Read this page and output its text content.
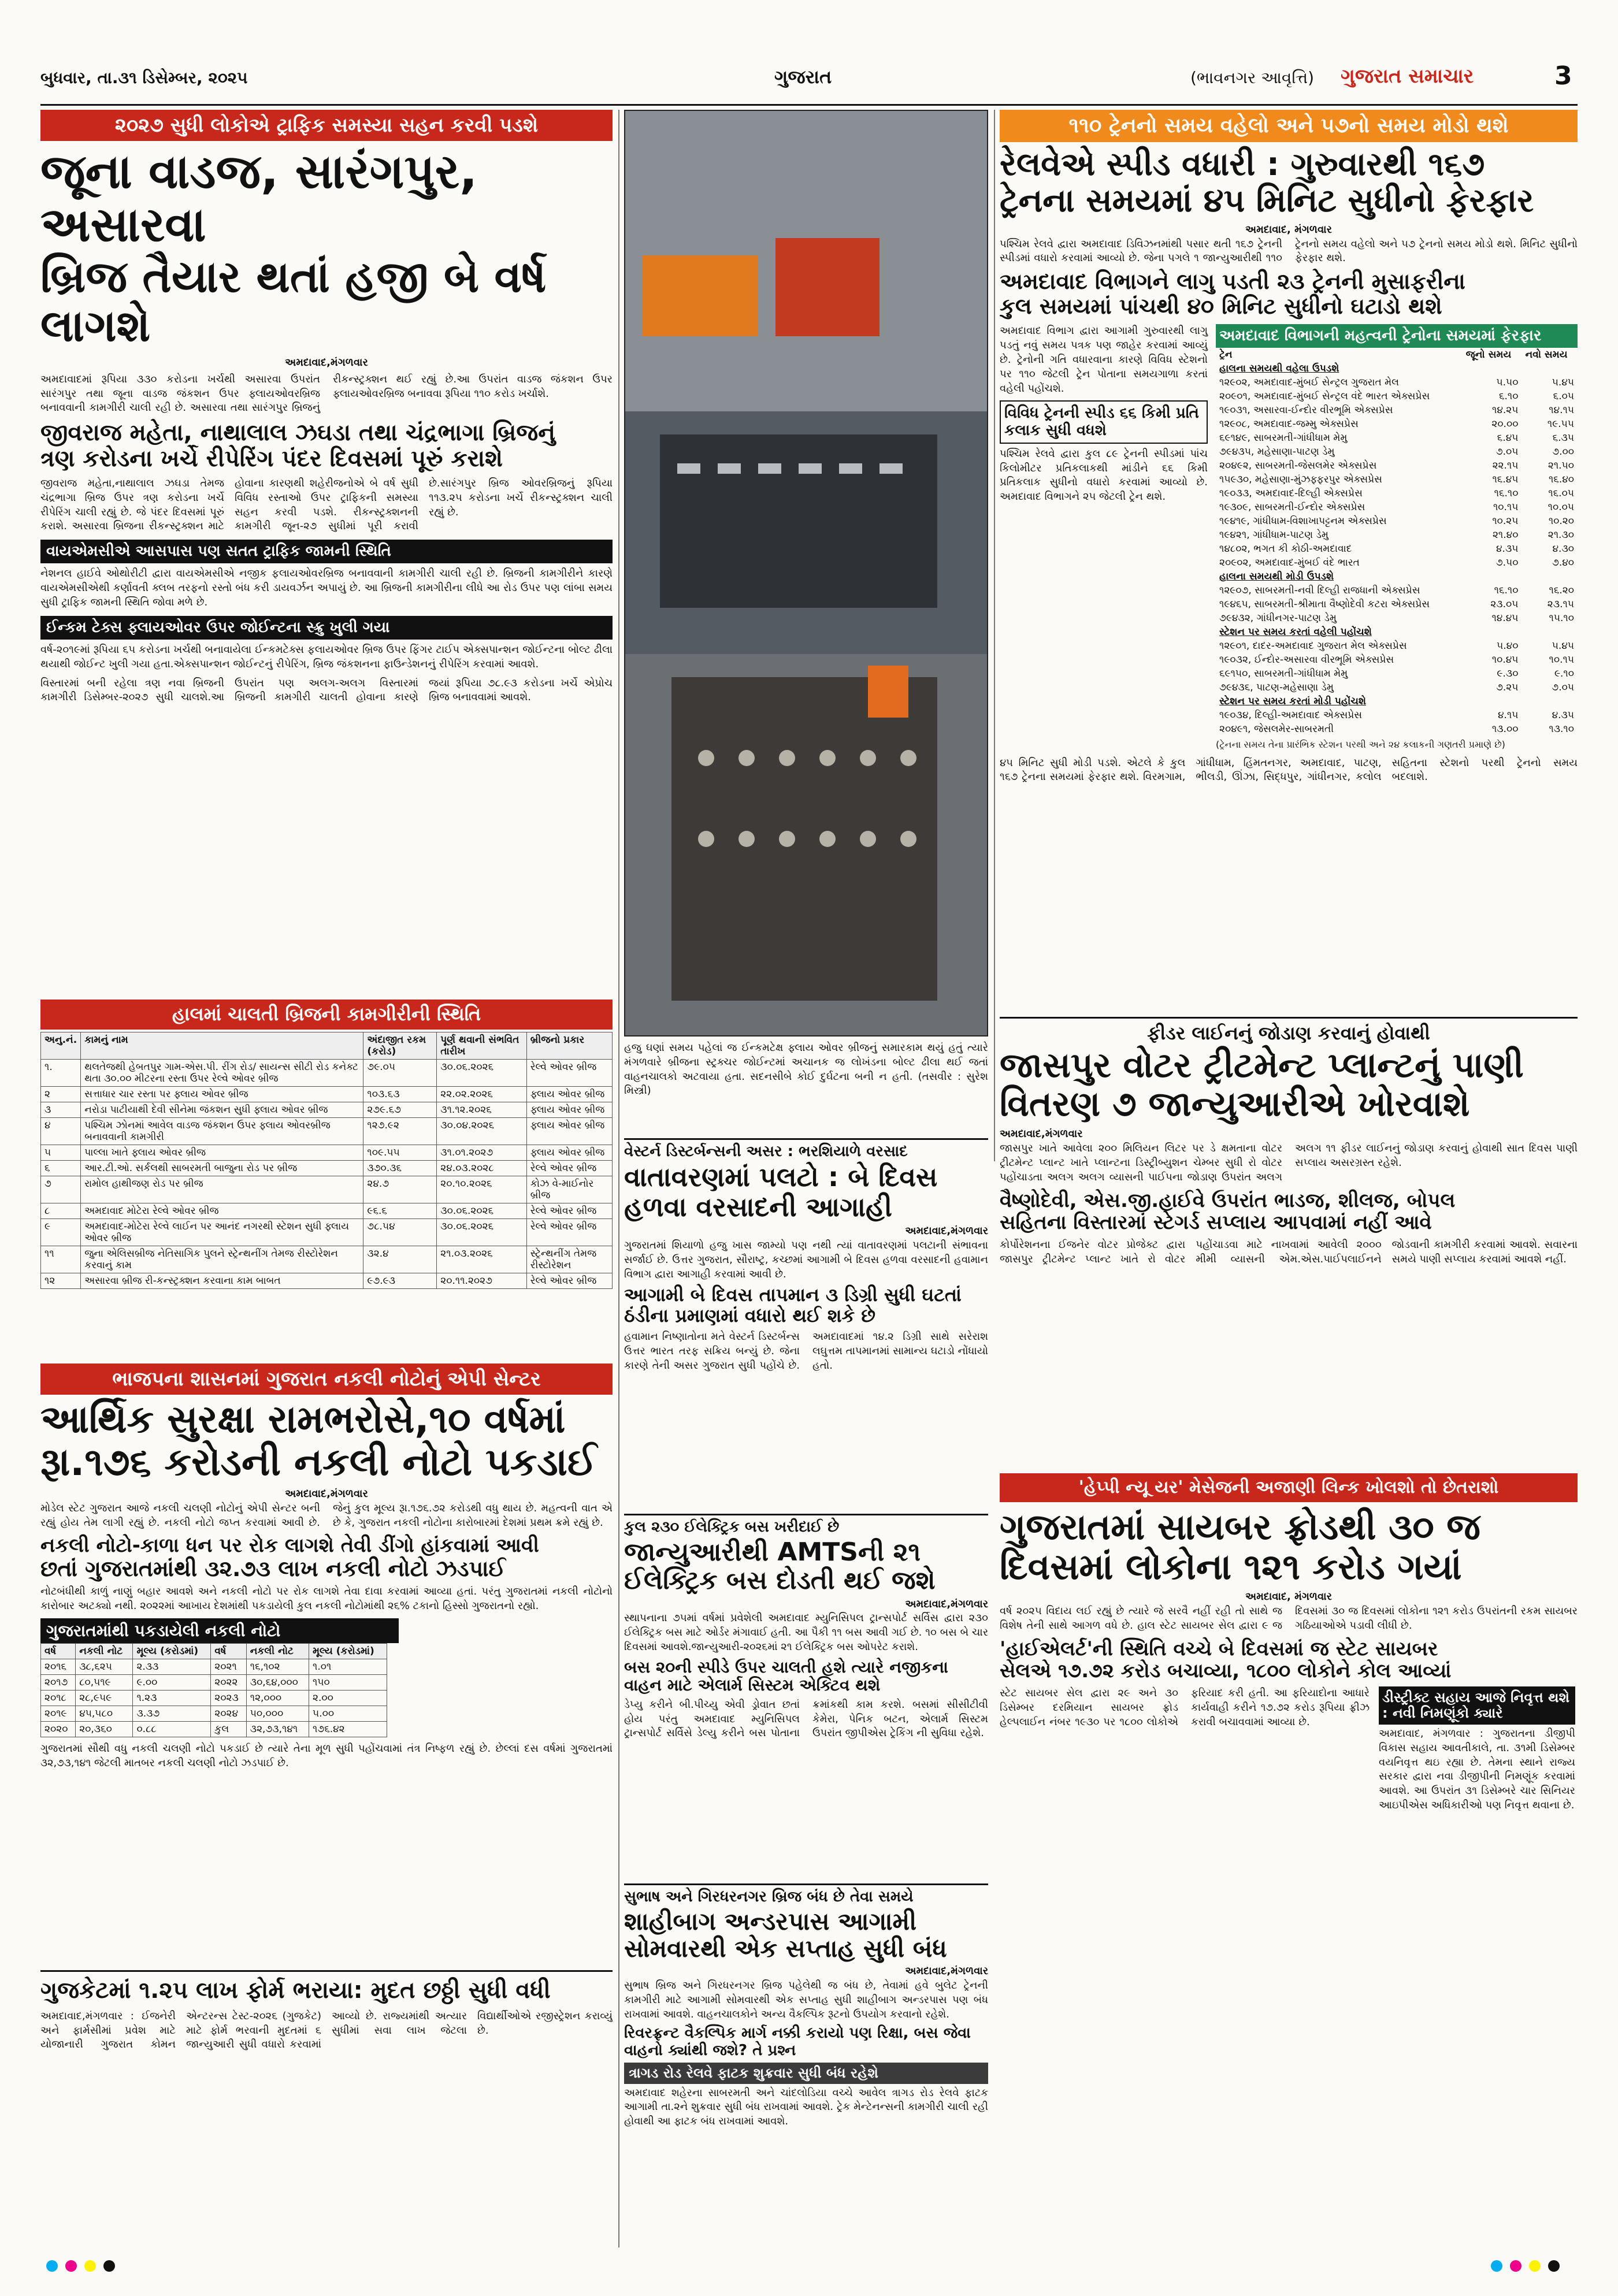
બુધવાર, તા.૩૧ ડિસેમ્બર, ૨૦૨૫	ગુજરાત	(ભાવનગર આવૃત્તિ) ગુજરાત સમાચાર	3
૨૦૨૭ સુધી લોકોએ ટ્રાફિક સમસ્યા સહન કરવી પડશે
જૂના વાડજ, સારંગપુર, અસારવા
બ્રિજ તૈયાર થતાં હજી બે વર્ષ લાગશે
અમદાવાદ,મંગળવાર
અમદાવાદમાં રૂપિયા ૩૩૦ કરોડના ખર્ચથી અસારવા ઉપરાંત સારંગપુર તથા જૂના વાડજ જંકશન ઉપર ફ્લાયઓવરબ્રિજ બનાવવાની કામગીરી ચાલી રહી છે. અસારવા તથા સારંગપુર બ્રિજનું રીકન્સ્ટ્રક્શન થઈ રહ્યું છે.આ ઉપરાંત વાડજ જંકશન ઉપર ફ્લાયઓવરબ્રિજ બનાવવા રૂપિયા ૧૧૦ કરોડ ખર્ચાશે.
જીવરાજ મહેતા, નાથાલાલ ઝઘડા તથા ચંદ્રભાગા બ્રિજનું
ત્રણ કરોડના ખર્ચે રીપેરિંગ પંદર દિવસમાં પૂરું કરાશે
જીવરાજ મહેતા,નાથાલાલ ઝઘડા તેમજ ચંદ્રભાગા બ્રિજ ઉપર ત્રણ કરોડના ખર્ચે રીપેરિંગ ચાલી રહ્યું છે. જે પંદર દિવસમાં પૂરું કરાશે. અસારવા બ્રિજના રીકન્સ્ટ્રક્શન માટે હોવાના કારણથી શહેરીજનોએ બે વર્ષ સુધી વિવિધ રસ્તાઓ ઉપર ટ્રાફિકની સમસ્યા સહન કરવી પડશે. રીકન્સ્ટ્રક્શનની કામગીરી જૂન-૨૭ સુધીમાં પૂરી કરાવી છે.સારંગપુર બ્રિજ ઓવરબ્રિજનું રૂપિયા ૧૧૩.૨૫ કરોડના ખર્ચે રીકન્સ્ટ્રક્શન ચાલી રહ્યું છે.
વાયએમસીએ આસપાસ પણ સતત ટ્રાફિક જામની સ્થિતિ
નેશનલ હાઈવે ઓથોરીટી દ્વારા વાયએમસીએ નજીક ફલાયઓવરબ્રિજ બનાવવાની કામગીરી ચાલી રહી છે. બ્રિજની કામગીરીને કારણે વાયએમસીએથી કર્ણાવતી ક્લબ તરફનો રસ્તો બંધ કરી ડાયવર્ઝન અપાયું છે. આ બ્રિજની કામગીરીના લીધે આ રોડ ઉપર પણ લાંબા સમય સુધી ટ્રાફિક જામની સ્થિતિ જોવા મળે છે.
ઈન્કમ ટેક્સ ફ્લાયઓવર ઉપર જોઈન્ટના સ્ક્રુ ખુલી ગયા
વર્ષ-૨૦૧૯માં રૂપિયા ૬૫ કરોડના ખર્ચથી બનાવાયેલા ઈન્કમટેક્સ ફલાયઓવર બ્રિજ ઉપર ફિંગર ટાઈપ એક્સપાન્શન જોઈન્ટના બોલ્ટ ઢીલા થયાથી જોઈન્ટ ખુલી ગયા હતા.એક્સપાન્શન જોઈન્ટનું રીપેરિંગ, બ્રિજ જંકશનના ફાઉન્ડેશનનું રીપેરિંગ કરવામાં આવશે.
વિસ્તારમાં બની રહેલા ત્રણ નવા બ્રિજની કામગીરી ડિસેમ્બર-૨૦૨૭ સુધી ચાલશે.આ ઉપરાંત પણ અલગ-અલગ વિસ્તારમાં બ્રિજની કામગીરી ચાલતી હોવાના કારણે જયાં રૂપિયા ૭૮.૯૩ કરોડના ખર્ચે એપ્રોચ બ્રિજ બનાવવામાં આવશે.
હાલમાં ચાલતી બ્રિજની કામગીરીની સ્થિતિ
અનુ.નં.	કામનું નામ	અંદાજીત રકમ (કરોડ)	પૂર્ણ થવાની સંભવિત તારીખ	બ્રીજનો પ્રકાર
૧.	થલતેજથી હેબતપુર ગામ-એસ.પી. રીંગ રોડ/ સાયન્સ સીટી રોડ કનેક્ટ થતા ૩૦.૦૦ મીટરના રસ્તા ઉપર રેલ્વે ઓવર બ્રીજ	૭૯.૦૫	૩૦.૦૬.૨૦૨૬	રેલ્વે ઓવર બ્રીજ
૨	સત્તાધાર ચાર રસ્તા પર ફ્લાય ઓવર બ્રીજ	૧૦૩.૬૩	૨૨.૦૨.૨૦૨૬	ફ્લાય ઓવર બ્રીજ
૩	નરોડા પાટીયાથી દેવી સીનેમા જંકશન સુધી ફ્લાય ઓવર બ્રીજ	૨૭૯.૬૭	૩૧.૧૨.૨૦૨૬	ફ્લાય ઓવર બ્રીજ
૪	પશ્ચિમ ઝોનમાં આવેલ વાડજ જંકશન ઉપર ફ્લાય ઓવરબ્રીજ બનાવવાની કામગીરી	૧૨૭.૯૨	૩૦.૦૪.૨૦૨૬	ફ્લાય ઓવર બ્રીજ
૫	પાલ્લા ખાતે ફ્લાય ઓવર બ્રીજ	૧૦૯.૫૫	૩૧.૦૧.૨૦૨૭	ફ્લાય ઓવર બ્રીજ
૬	આર.ટી.ઓ. સર્કલથી સાબરમતી બાજુના રોડ પર બ્રીજ	૩૭૦.૩૬	૨૪.૦૩.૨૦૨૮	રેલ્વે ઓવર બ્રીજ
૭	રામોલ હાથીજણ રોડ પર બ્રીજ	૨૪.૭	૨૦.૧૦.૨૦૨૬	કોઝ વે-માઈનોર બ્રીજ
૮	અમદાવાદ મોટેરા રેલ્વે ઓવર બ્રીજ	૯૬.૬	૩૦.૦૬.૨૦૨૬	રેલ્વે ઓવર બ્રીજ
૯	અમદાવાદ-મોટેરા રેલ્વે લાઈન પર આનંદ નગરથી સ્ટેશન સુધી ફ્લાય ઓવર બ્રીજ	૭૮.૫૪	૩૦.૦૬.૨૦૨૬	રેલ્વે ઓવર બ્રીજ
૧૧	જુના એલિસબ્રીજ નેતિસાગિક પુલને સ્ટ્રેન્થનીંગ તેમજ રીસ્ટોરેશન કરવાનું કામ	૩૨.૪	૨૧.૦૩.૨૦૨૬	સ્ટ્રેન્થનીંગ તેમજ રીસ્ટોરેશન
૧૨	અસારવા બ્રીજ રી-કન્સ્ટ્રક્શન કરવાના કામ બાબત	૯૭.૯૩	૨૦.૧૧.૨૦૨૭	રેલ્વે ઓવર બ્રીજ
ભાજપના શાસનમાં ગુજરાત નકલી નોટોનું એપી સેન્ટર
આર્થિક સુરક્ષા રામભરોસે,૧૦ વર્ષમાં
રૂા.૧૭૬ કરોડની નકલી નોટો પકડાઈ
અમદાવાદ,મંગળવાર
મોડેલ સ્ટેટ ગુજરાત આજે નકલી ચલણી નોટોનું એપી સેન્ટર બની રહ્યું હોય તેમ લાગી રહ્યું છે. નકલી નોટો જપ્ત કરવામાં આવી છે. જેનું કુલ મૂલ્ય રૂા.૧૭૬.૭૨ કરોડથી વધુ થાય છે. મહત્વની વાત એ છે કે, ગુજરાત નકલી નોટોના કારોબારમાં દેશમાં પ્રથમ ક્રમે રહ્યું છે.
નકલી નોટો-કાળા ધન પર રોક લાગશે તેવી ડીંગો હાંકવામાં આવી
છતાં ગુજરાતમાંથી ૩૨.૭૩ લાખ નકલી નોટો ઝડપાઈ
નોટબંધીથી કાળું નાણું બહાર આવશે અને નકલી નોટો પર રોક લાગશે તેવા દાવા કરવામાં આવ્યા હતાં. પરંતુ ગુજરાતમાં નકલી નોટોનો કારોબાર અટક્યો નથી. ૨૦૨૨માં આખાય દેશમાંથી પકડાયેલી કુલ નકલી નોટોમાંથી ૨૬% ટકાનો હિસ્સો ગુજરાતનો રહ્યો.
ગુજરાતમાંથી પકડાયેલી નકલી નોટો
વર્ષ	નકલી નોટ	મૂલ્ય (કરોડમાં)	વર્ષ	નકલી નોટ	મૂલ્ય (કરોડમાં)
૨૦૧૬	૩૮,૬૨૫	૨.૩૩	૨૦૨૧	૧૬,૧૦૨	૧.૦૧
૨૦૧૭	૮૦,૫૧૯	૯.૦૦	૨૦૨૨	૩૦,૬૪,૦૦૦	૧૫૦
૨૦૧૮	૨૮,૯૫૯	૧.૨૩	૨૦૨૩	૧૨,૦૦૦	૨.૦૦
૨૦૧૯	૪૫,૫૮૦	૩.૩૭	૨૦૨૪	૫૦,૦૦૦	૫.૦૦
૨૦૨૦	૨૦,૩૬૦	૦.૮૮	કુલ	૩૨,૭૩,૧૪૧	૧૭૬.૪૨
ગુજરાતમાં સૌથી વધુ નકલી ચલણી નોટો પકડાઈ છે ત્યારે તેના મૂળ સુધી પહોંચવામાં તંત્ર નિષ્ફળ રહ્યું છે. છેલ્લાં દસ વર્ષમાં ગુજરાતમાં ૩૨,૭૩,૧૪૧ જેટલી માતબર નકલી ચલણી નોટો ઝડપાઈ છે.
ગુજકેટમાં ૧.૨૫ લાખ ફોર્મ ભરાયા: મુદત છઠ્ઠી સુધી વધી
અમદાવાદ,મંગળવાર : ઈજનેરી અને ફાર્મસીમાં પ્રવેશ માટે યોજાનારી ગુજરાત કોમન એન્ટરન્સ ટેસ્ટ-૨૦૨૬ (ગુજકેટ) માટે ફોર્મ ભરવાની મુદતમાં ૬ જાન્યુઆરી સુધી વધારો કરવામાં આવ્યો છે. રાજ્યમાંથી અત્યાર સુધીમાં સવા લાખ જેટલા વિદ્યાર્થીઓએ રજીસ્ટ્રેશન કરાવ્યું છે.
હજુ ઘણાં સમય પહેલાં જ ઈન્કમટેક્ષ ફ્લાય ઓવર બ્રીજનું સમારકામ થયું હતું ત્યારે મંગળવારે બ્રીજના સ્ટ્રક્ચર જોઈન્ટમાં અચાનક જ લોખંડના બોલ્ટ ઢીલા થઈ જતાં વાહનચાલકો અટવાયા હતા. સદનસીબે કોઈ દુર્ઘટના બની ન હતી. (તસવીર : સુરેશ મિસ્ત્રી)
વેસ્ટર્ન ડિસ્ટર્બન્સની અસર : ભરશિયાળે વરસાદ
વાતાવરણમાં પલટો : બે દિવસ
હળવા વરસાદની આગાહી
અમદાવાદ,મંગળવાર
ગુજરાતમાં શિયાળો હજુ ખાસ જામ્યો પણ નથી ત્યાં વાતાવરણમાં પલટાની સંભાવના સર્જાઈ છે. ઉત્તર ગુજરાત, સૌરાષ્ટ્ર, કચ્છમાં આગામી બે દિવસ હળવા વરસાદની હવામાન વિભાગ દ્વારા આગાહી કરવામાં આવી છે.
આગામી બે દિવસ તાપમાન ૩ ડિગ્રી સુધી ઘટતાં ઠંડીના પ્રમાણમાં વધારો થઈ શકે છે
હવામાન નિષ્ણાતોના મતે વેસ્ટર્ન ડિસ્ટર્બન્સ ઉત્તર ભારત તરફ સક્રિય બન્યું છે. જેના કારણે તેની અસર ગુજરાત સુધી પહોંચે છે. અમદાવાદમાં ૧૪.૨ ડિગ્રી સાથે સરેરાશ લઘુત્તમ તાપમાનમાં સામાન્ય ઘટાડો નોંધાયો હતો.
કુલ ૨૩૦ ઈલેક્ટ્રિક બસ ખરીદાઈ છે
જાન્યુઆરીથી AMTSની ૨૧
ઈલેક્ટ્રિક બસ દોડતી થઈ જશે
અમદાવાદ,મંગળવાર
સ્થાપનાના ૭૫માં વર્ષમાં પ્રવેશેલી અમદાવાદ મ્યુનિસિપલ ટ્રાન્સપોર્ટ સર્વિસ દ્વારા ૨૩૦ ઈલેક્ટ્રિક બસ માટે ઓર્ડર મંગાવાઈ હતી. આ પૈકી ૧૧ બસ આવી ગઈ છે. ૧૦ બસ બે ચાર દિવસમાં આવશે.જાન્યુઆરી-૨૦૨૬માં ૨૧ ઈલેક્ટ્રિક બસ ઓપરેટ કરાશે.
બસ ૨૦ની સ્પીડે ઉપર ચાલતી હશે ત્યારે નજીકના વાહન માટે એલાર્મ સિસ્ટમ એક્ટિવ થશે
ડેપ્યુ કરીને બી.પીચ્યુ એવી ડ્રોવાત છતાં હોય પરંતુ અમદાવાદ મ્યુનિસિપલ ટ્રાન્સપોર્ટ સર્વિસે ડેલ્યુ કરીને બસ પોતાના ક્રમાંકથી કામ કરશે. બસમાં સીસીટીવી કેમેરા, પેનિક બટન, એલાર્મ સિસ્ટમ ઉપરાંત જીપીએસ ટ્રેકિંગ ની સુવિધા રહેશે.
સુભાષ અને ગિરધરનગર બ્રિજ બંધ છે તેવા સમયે
શાહીબાગ અન્ડરપાસ આગામી
સોમવારથી એક સપ્તાહ સુધી બંધ
અમદાવાદ,મંગળવાર
સુભાષ બ્રિજ અને ગિરધરનગર બ્રિજ પહેલેથી જ બંધ છે, તેવામાં હવે બુલેટ ટ્રેનની કામગીરી માટે આગામી સોમવારથી એક સપ્તાહ સુધી શાહીબાગ અન્ડરપાસ પણ બંધ રાખવામાં આવશે. વાહનચાલકોને અન્ય વૈકલ્પિક રૂટનો ઉપયોગ કરવાનો રહેશે.
રિવરફ્રન્ટ વૈકલ્પિક માર્ગ નક્કી કરાયો પણ રિક્ષા, બસ જેવા વાહનો ક્યાંથી જશે? તે પ્રશ્ન
ત્રાગડ રોડ રેલવે ફાટક શુક્રવાર સુધી બંધ રહેશે
અમદાવાદ શહેરના સાબરમતી અને ચાંદલોડિયા વચ્ચે આવેલ ત્રાગડ રોડ રેલવે ફાટક આગામી તા.૨ને શુક્રવાર સુધી બંધ રાખવામાં આવશે. ટ્રેક મેન્ટેનન્સની કામગીરી ચાલી રહી હોવાથી આ ફાટક બંધ રાખવામાં આવશે.
૧૧૦ ટ્રેનનો સમય વહેલો અને ૫૭નો સમય મોડો થશે
રેલવેએ સ્પીડ વધારી : ગુરુવારથી ૧૬૭
ટ્રેનના સમયમાં ૪૫ મિનિટ સુધીનો ફેરફાર
અમદાવાદ, મંગળવાર
પશ્ચિમ રેલવે દ્વારા અમદાવાદ ડિવિઝનમાંથી પસાર થતી ૧૬૭ ટ્રેનની સ્પીડમાં વધારો કરવામાં આવ્યો છે. જેના પગલે ૧ જાન્યુઆરીથી ૧૧૦ ટ્રેનનો સમય વહેલો અને ૫૭ ટ્રેનનો સમય મોડો થશે. મિનિટ સુધીનો ફેરફાર થશે.
અમદાવાદ વિભાગને લાગુ પડતી ૨૩ ટ્રેનની મુસાફરીના
કુલ સમયમાં પાંચથી ૪૦ મિનિટ સુધીનો ઘટાડો થશે
અમદાવાદ વિભાગ દ્વારા આગામી ગુરુવારથી લાગુ પડતું નવું સમય પત્રક પણ જાહેર કરવામાં આવ્યું છે. ટ્રેનોની ગતિ વધારવાના કારણે વિવિધ સ્ટેશનો પર ૧૧૦ જેટલી ટ્રેન પોતાના સમયગાળા કરતાં વહેલી પહોંચશે.
વિવિધ ટ્રેનની સ્પીડ ૬૬ કિમી પ્રતિ કલાક સુધી વધશે
પશ્ચિમ રેલવે દ્વારા કુલ ૮૯ ટ્રેનની સ્પીડમાં પાંચ કિલોમીટર પ્રતિકલાકથી માંડીને ૬૬ કિમી પ્રતિકલાક સુધીનો વધારો કરવામાં આવ્યો છે. અમદાવાદ વિભાગને ૨૫ જેટલી ટ્રેન થશે.
અમદાવાદ વિભાગની મહત્વની ટ્રેનોના સમયમાં ફેરફાર
ટ્રેન	જૂનો સમય	નવો સમય
હાલના સમયથી વહેલા ઉપડશે		
૧૨૯૦૨, અમદાવાદ-મુંબઈ સેન્ટ્રલ ગુજરાત મેલ	૫.૫૦	૫.૪૫
૨૦૯૦૧, અમદાવાદ-મુંબઈ સેન્ટ્રલ વંદે ભારત એક્સપ્રેસ	૬.૧૦	૬.૦૫
૧૯૦૩૧, અસારવા-ઈન્દોર વીરભૂમિ એક્સપ્રેસ	૧૪.૨૫	૧૪.૧૫
૧૨૯૦૮, અમદાવાદ-જમ્મુ એક્સપ્રેસ	૨૦.૦૦	૧૯.૫૫
૬૯૧૪૯, સાબરમતી-ગાંધીધામ મેમુ	૬.૪૫	૬.૩૫
૭૯૪૩૫, મહેસાણા-પાટણ ડેમુ	૭.૦૫	૭.૦૦
૨૦૪૯૨, સાબરમતી-જેસલમેર એક્સપ્રેસ	૨૨.૧૫	૨૧.૫૦
૧૫૯૩૦, મહેસાણા-મુંઝફ્ફરપુર એક્સપ્રેસ	૧૬.૪૫	૧૬.૪૦
૧૯૦૩૩, અમદાવાદ-દિલ્હી એક્સપ્રેસ	૧૬.૧૦	૧૬.૦૫
૧૯૩૦૯, સાબરમતી-ઈન્દોર એક્સપ્રેસ	૧૦.૧૫	૧૦.૦૫
૧૯૪૧૯, ગાંધીધામ-વિશાખાપટ્ટનમ એક્સપ્રેસ	૧૦.૨૫	૧૦.૨૦
૧૯૪૨૧, ગાંધીધામ-પાટણ ડેમુ	૨૧.૪૦	૨૧.૩૦
૧૪૮૦૨, ભગત કી કોઠી-અમદાવાદ	૪.૩૫	૪.૩૦
૨૦૯૦૨, અમદાવાદ-મુંબઈ વંદે ભારત	૭.૫૦	૭.૪૦
હાલના સમયથી મોડી ઉપડશે		
૧૨૯૦૭, સાબરમતી-નવી દિલ્હી રાજધાની એક્સપ્રેસ	૧૬.૧૦	૧૬.૨૦
૧૯૪૬૫, સાબરમતી-શ્રીમાતા વૈષ્ણોદેવી કટરા એક્સપ્રેસ	૨૩.૦૫	૨૩.૧૫
૭૯૪૩૨, ગાંધીનગર-પાટણ ડેમુ	૧૪.૪૫	૧૫.૧૦
સ્ટેશન પર સમય કરતાં વહેલી પહોંચશે		
૧૨૯૦૧, દાદર-અમદાવાદ ગુજરાત મેલ એક્સપ્રેસ	૫.૪૦	૫.૪૫
૧૯૦૩૨, ઈન્દોર-અસારવા વીરભૂમિ એક્સપ્રેસ	૧૦.૪૫	૧૦.૧૫
૬૯૧૫૦, સાબરમતી-ગાંધીધામ મેમુ	૯.૩૦	૯.૧૦
૭૯૪૩૬, પાટણ-મહેસાણા ડેમુ	૭.૨૫	૭.૦૫
સ્ટેશન પર સમય કરતાં મોડી પહોંચશે		
૧૯૦૩૪, દિલ્હી-અમદાવાદ એક્સપ્રેસ	૪.૧૫	૪.૩૫
૨૦૪૯૧, જેસલમેર-સાબરમતી	૧૩.૦૦	૧૩.૧૦
(ટ્રેનના સમય તેના પ્રારંભિક સ્ટેશન પરથી અને ૨૪ કલાકની ગણતરી પ્રમાણે છે)
૪૫ મિનિટ સુધી મોડી પડશે. એટલે કે કુલ ૧૬૭ ટ્રેનના સમયમાં ફેરફાર થશે. વિરમગામ, ગાંધીધામ, હિંમતનગર, અમદાવાદ, પાટણ, ભીલડી, ઊંઝા, સિદ્ધપુર, ગાંધીનગર, કલોલ સહિતના સ્ટેશનો પરથી ટ્રેનનો સમય બદલાશે.
ફીડર લાઈનનું જોડાણ કરવાનું હોવાથી
જાસપુર વોટર ટ્રીટમેન્ટ પ્લાન્ટનું પાણી
વિતરણ ૭ જાન્યુઆરીએ ખોરવાશે
અમદાવાદ,મંગળવાર
જાસપુર ખાતે આવેલા ૨૦૦ મિલિયન લિટર પર ડે ક્ષમતાના વોટર ટ્રીટમેન્ટ પ્લાન્ટ ખાતે પ્લાન્ટના ડિસ્ટ્રીબ્યુશન ચેમ્બર સુધી રો વોટર પહોંચાડતા અલગ અલગ વ્યાસની પાઈપના જોડાણ ઉપરાંત અલગ અલગ ૧૧ ફીડર લાઈનનું જોડાણ કરવાનું હોવાથી સાત દિવસ પાણી સપ્લાય અસરગ્રસ્ત રહેશે.
વૈષ્ણોદેવી, એસ.જી.હાઈવે ઉપરાંત ભાડજ, શીલજ, બોપલ
સહિતના વિસ્તારમાં સ્ટેગર્ડ સપ્લાય આપવામાં નહીં આવે
કોર્પોરેશનના ઈજનેર વોટર પ્રોજેક્ટ દ્વારા જાસપુર ટ્રીટમેન્ટ પ્લાન્ટ ખાતે રો વોટર પહોંચાડવા માટે નાખવામાં આવેલી ૨૦૦૦ મીમી વ્યાસની એમ.એસ.પાઈપલાઈનને જોડવાની કામગીરી કરવામાં આવશે. સવારના સમયે પાણી સપ્લાય કરવામાં આવશે નહીં.
'હેપ્પી ન્યૂ યર' મેસેજની અજાણી લિન્ક ખોલશો તો છેતરાશો
ગુજરાતમાં સાયબર ફ્રોડથી ૩૦ જ
દિવસમાં લોકોના ૧૨૧ કરોડ ગયાં
અમદાવાદ, મંગળવાર
વર્ષ ૨૦૨૫ વિદાય લઈ રહ્યું છે ત્યારે જે સરવૈ નહીં રહી તો સાથે જ વિશેષ તેની સાથે આગળ વધે છે. હાલ સ્ટેટ સાયબર સેલ દ્વારા ૯ જ દિવસમાં ૩૦ જ દિવસમાં લોકોના ૧૨૧ કરોડ ઉપરાંતની રકમ સાયબર ગઠિયાઓએ પડાવી લીધી છે.
'હાઈએલર્ટ'ની સ્થિતિ વચ્ચે બે દિવસમાં જ સ્ટેટ સાયબર
સેલએ ૧૭.૭૨ કરોડ બચાવ્યા, ૧૮૦૦ લોકોને કોલ આવ્યાં
સ્ટેટ સાયબર સેલ દ્વારા ૨૯ અને ૩૦ ડિસેમ્બર દરમિયાન સાયબર ફ્રોડ હેલ્પલાઈન નંબર ૧૯૩૦ પર ૧૮૦૦ લોકોએ ફરિયાદ કરી હતી. આ ફરિયાદોના આધારે કાર્યવાહી કરીને ૧૭.૭૨ કરોડ રૂપિયા ફ્રીઝ કરાવી બચાવવામાં આવ્યા છે.
ડીસ્ટ્રીક્ટ સહાય આજે નિવૃત્ત થશે : નવી નિમણૂંકો ક્યારે
અમદાવાદ, મંગળવાર : ગુજરાતના ડીજીપી વિકાસ સહાય આવતીકાલે, તા. ૩૧મી ડિસેમ્બર વયનિવૃત્ત થઇ રહ્યા છે. તેમના સ્થાને રાજ્ય સરકાર દ્વારા નવા ડીજીપીની નિમણૂંક કરવામાં આવશે. આ ઉપરાંત ૩૧ ડિસેમ્બરે ચાર સિનિયર આઇપીએસ અધિકારીઓ પણ નિવૃત્ત થવાના છે.
